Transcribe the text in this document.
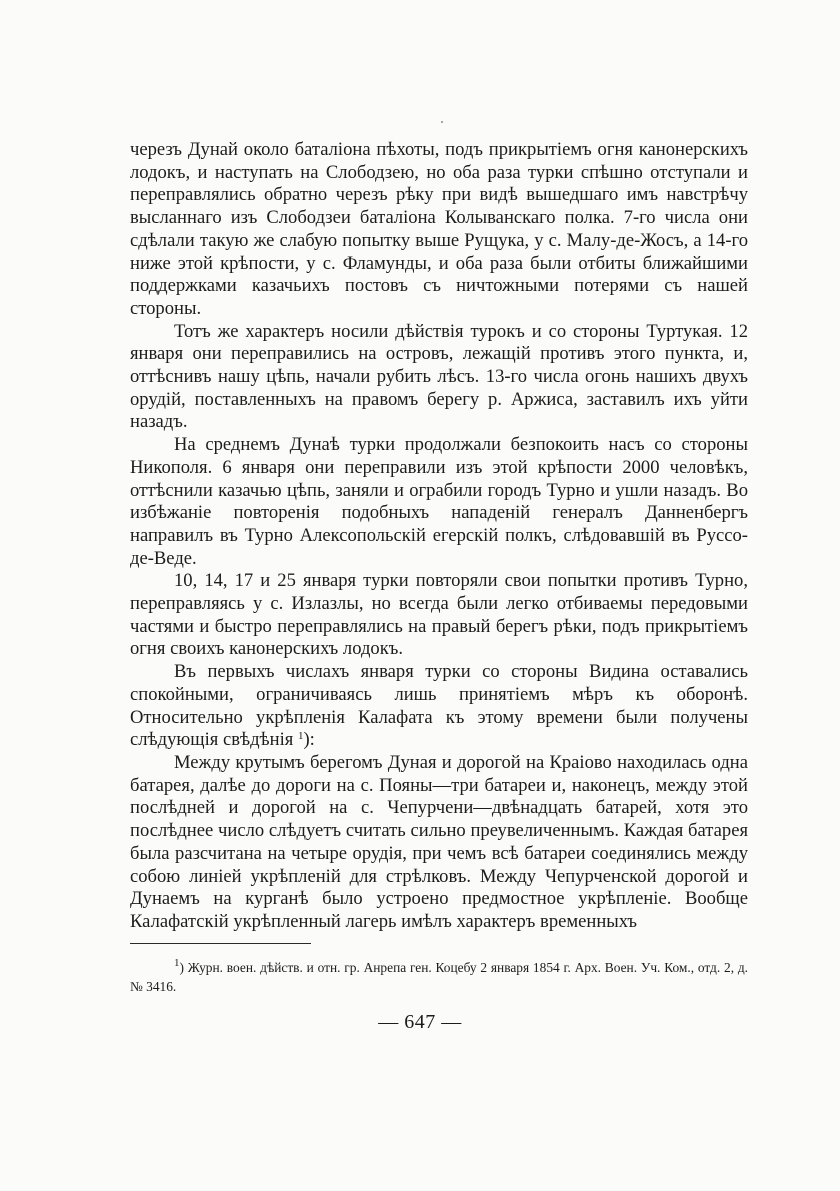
черезъ Дунай около баталіона пѣхоты, подъ прикрытіемъ огня канонерскихъ лодокъ, и наступать на Слободзею, но оба раза турки спѣшно отступали и переправлялись обратно черезъ рѣку при видѣ вышедшаго имъ навстрѣчу высланнаго изъ Слободзеи баталіона Колыванскаго полка. 7-го числа они сдѣлали такую же слабую попытку выше Рущука, у с. Малу-де-Жосъ, а 14-го ниже этой крѣпости, у с. Фламунды, и оба раза были отбиты ближайшими поддержками казачьихъ постовъ съ ничтожными потерями съ нашей стороны.

Тотъ же характеръ носили дѣйствія турокъ и со стороны Туртукая. 12 января они переправились на островъ, лежащій противъ этого пункта, и, оттѣснивъ нашу цѣпь, начали рубить лѣсъ. 13-го числа огонь нашихъ двухъ орудій, поставленныхъ на правомъ берегу р. Аржиса, заставилъ ихъ уйти назадъ.

На среднемъ Дунаѣ турки продолжали безпокоить насъ со стороны Никополя. 6 января они переправили изъ этой крѣпости 2000 человѣкъ, оттѣснили казачью цѣпь, заняли и ограбили городъ Турно и ушли назадъ. Во избѣжаніе повторенія подобныхъ нападеній генералъ Данненбергъ направилъ въ Турно Алексопольскій егерскій полкъ, слѣдовавшій въ Руссо-де-Веде.

10, 14, 17 и 25 января турки повторяли свои попытки противъ Турно, переправляясь у с. Излазлы, но всегда были легко отбиваемы передовыми частями и быстро переправлялись на правый берегъ рѣки, подъ прикрытіемъ огня своихъ канонерскихъ лодокъ.

Въ первыхъ числахъ января турки со стороны Видина оставались спокойными, ограничиваясь лишь принятіемъ мѣръ къ оборонѣ. Относительно укрѣпленія Калафата къ этому времени были получены слѣдующія свѣдѣнія $^1$):

Между крутымъ берегомъ Дуная и дорогой на Краіово находилась одна батарея, далѣе до дороги на с. Пояны—три батареи и, наконецъ, между этой послѣдней и дорогой на с. Чепурчени—двѣнадцать батарей, хотя это послѣднее число слѣдуетъ считать сильно преувеличеннымъ. Каждая батарея была разсчитана на четыре орудія, при чемъ всѣ батареи соединялись между собою линіей укрѣпленій для стрѣлковъ. Между Чепурченской дорогой и Дунаемъ на курганѣ было устроено предмостное укрѣпленіе. Вообще Калафатскій укрѣпленный лагерь имѣлъ характеръ временныхъ

$^1$) Журн. воен. дѣйств. и отн. гр. Анрепа ген. Коцебу 2 января 1854 г. Арх. Воен. Уч. Ком., отд. 2, д. № 3416.
— 647 —
